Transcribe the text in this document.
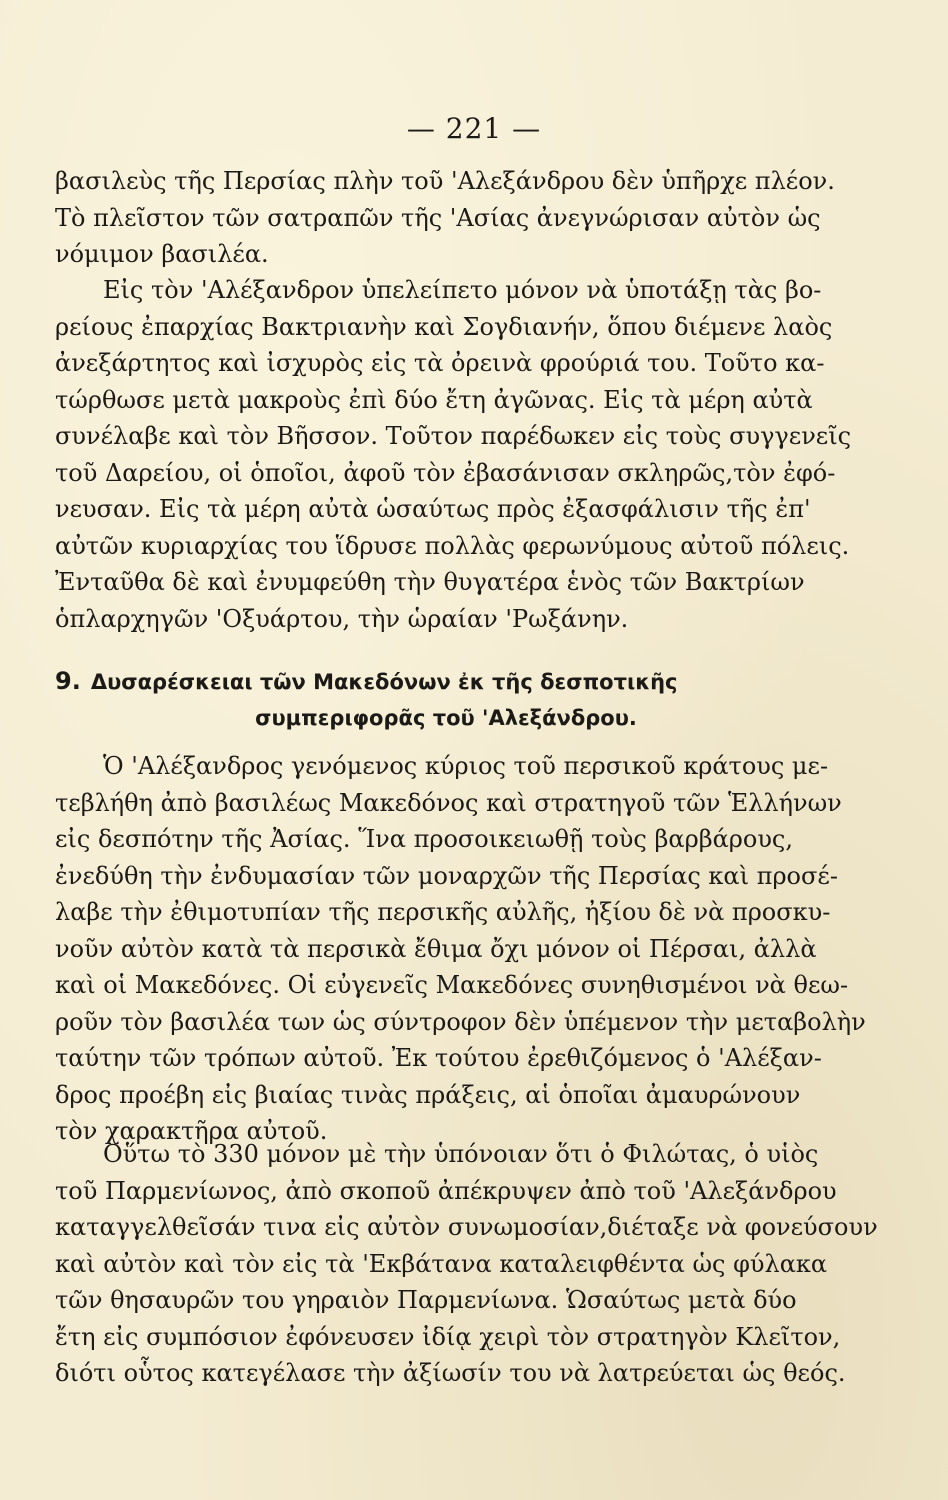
— 221 —
βασιλεὺς τῆς Περσίας πλὴν τοῦ 'Αλεξάνδρου δὲν ὑπῆρχε πλέον.
Τὸ πλεῖστον τῶν σατραπῶν τῆς 'Ασίας ἀνεγνώρισαν αὐτὸν ὡς
νόμιμον βασιλέα.
Εἰς τὸν 'Αλέξανδρον ὑπελείπετο μόνον νὰ ὑποτάξῃ τὰς βο-
ρείους ἐπαρχίας Βακτριανὴν καὶ Σογδιανήν, ὅπου διέμενε λαὸς
ἀνεξάρτητος καὶ ἰσχυρὸς εἰς τὰ ὀρεινὰ φρούριά του. Τοῦτο κα-
τώρθωσε μετὰ μακροὺς ἐπὶ δύο ἔτη ἀγῶνας. Εἰς τὰ μέρη αὐτὰ
συνέλαβε καὶ τὸν Βῆσσον. Τοῦτον παρέδωκεν εἰς τοὺς συγγενεῖς
τοῦ Δαρείου, οἱ ὁποῖοι, ἀφοῦ τὸν ἐβασάνισαν σκληρῶς,τὸν ἐφό-
νευσαν. Εἰς τὰ μέρη αὐτὰ ὡσαύτως πρὸς ἐξασφάλισιν τῆς ἐπ'
αὐτῶν κυριαρχίας του ἵδρυσε πολλὰς φερωνύμους αὐτοῦ πόλεις.
Ἐνταῦθα δὲ καὶ ἐνυμφεύθη τὴν θυγατέρα ἑνὸς τῶν Βακτρίων
ὁπλαρχηγῶν 'Οξυάρτου, τὴν ὡραίαν 'Ρωξάνην.
9. Δυσαρέσκειαι τῶν Μακεδόνων ἐκ τῆς δεσποτικῆς
συμπεριφορᾶς τοῦ 'Αλεξάνδρου.
Ὁ 'Αλέξανδρος γενόμενος κύριος τοῦ περσικοῦ κράτους με-
τεβλήθη ἀπὸ βασιλέως Μακεδόνος καὶ στρατηγοῦ τῶν Ἑλλήνων
εἰς δεσπότην τῆς Ἀσίας. Ἵνα προσοικειωθῇ τοὺς βαρβάρους,
ἐνεδύθη τὴν ἐνδυμασίαν τῶν μοναρχῶν τῆς Περσίας καὶ προσέ-
λαβε τὴν ἐθιμοτυπίαν τῆς περσικῆς αὐλῆς, ἠξίου δὲ νὰ προσκυ-
νοῦν αὐτὸν κατὰ τὰ περσικὰ ἔθιμα ὄχι μόνον οἱ Πέρσαι, ἀλλὰ
καὶ οἱ Μακεδόνες. Οἱ εὐγενεῖς Μακεδόνες συνηθισμένοι νὰ θεω-
ροῦν τὸν βασιλέα των ὡς σύντροφον δὲν ὑπέμενον τὴν μεταβολὴν
ταύτην τῶν τρόπων αὐτοῦ. Ἐκ τούτου ἐρεθιζόμενος ὁ 'Αλέξαν-
δρος προέβη εἰς βιαίας τινὰς πράξεις, αἱ ὁποῖαι ἀμαυρώνουν
τὸν χαρακτῆρα αὐτοῦ.
Οὕτω τὸ 330 μόνον μὲ τὴν ὑπόνοιαν ὅτι ὁ Φιλώτας, ὁ υἱὸς
τοῦ Παρμενίωνος, ἀπὸ σκοποῦ ἀπέκρυψεν ἀπὸ τοῦ 'Αλεξάνδρου
καταγγελθεῖσάν τινα εἰς αὐτὸν συνωμοσίαν,διέταξε νὰ φονεύσουν
καὶ αὐτὸν καὶ τὸν εἰς τὰ 'Εκβάτανα καταλειφθέντα ὡς φύλακα
τῶν θησαυρῶν του γηραιὸν Παρμενίωνα. Ὡσαύτως μετὰ δύο
ἔτη εἰς συμπόσιον ἐφόνευσεν ἰδίᾳ χειρὶ τὸν στρατηγὸν Κλεῖτον,
διότι οὗτος κατεγέλασε τὴν ἀξίωσίν του νὰ λατρεύεται ὡς θεός.
